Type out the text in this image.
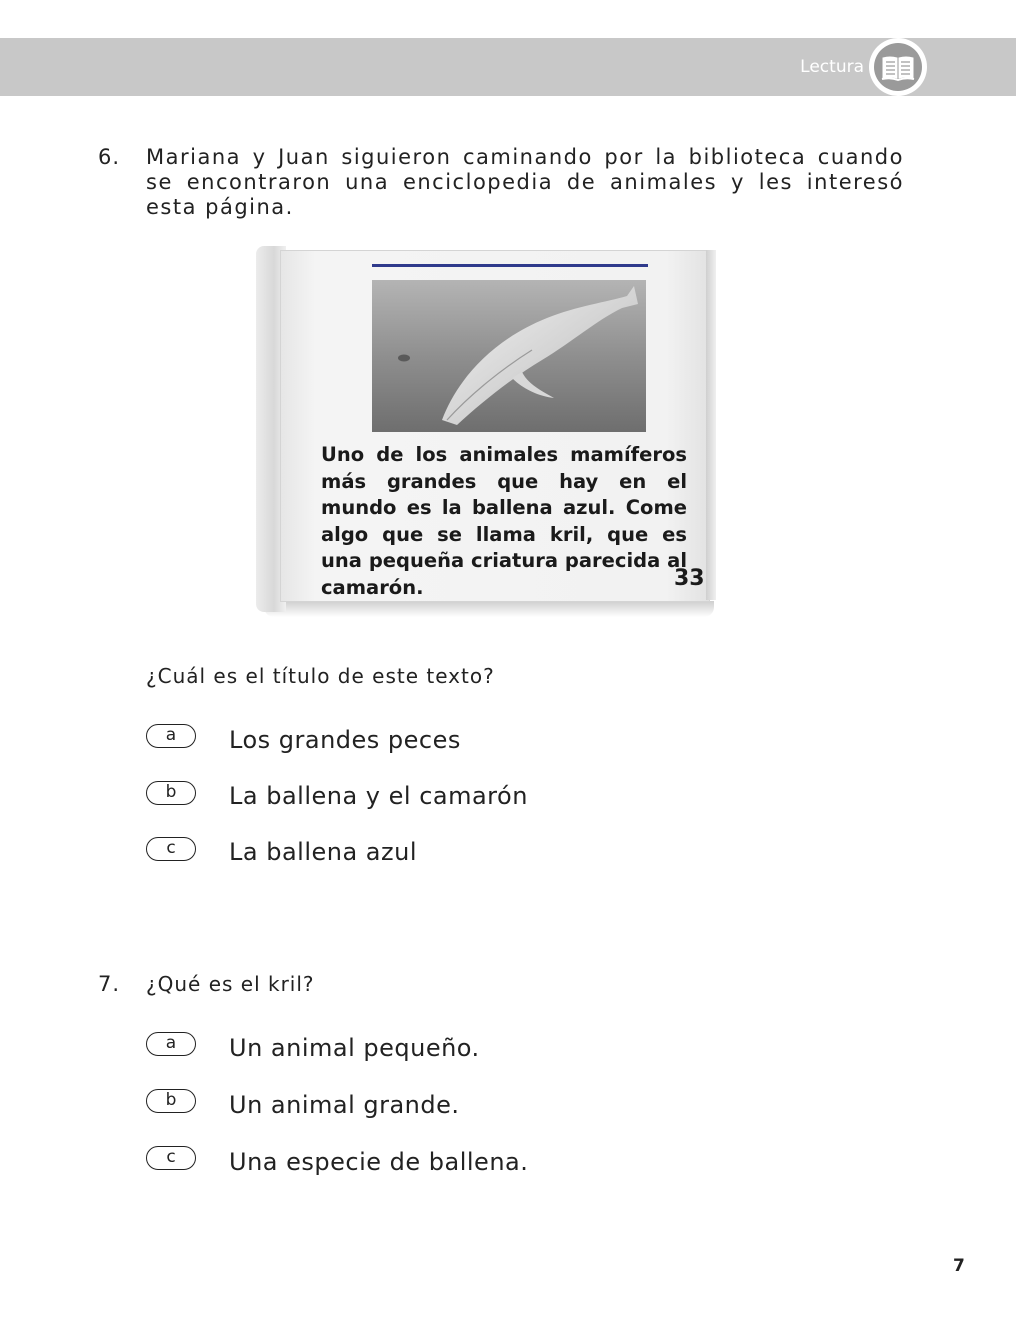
Lectura
6. Mariana y Juan siguieron caminando por la biblioteca cuando se encontraron una enciclopedia de animales y les interesó esta página.
Uno de los animales mamíferos más grandes que hay en el mundo es la ballena azul. Come algo que se llama kril, que es una pequeña criatura parecida al camarón.	33
¿Cuál es el título de este texto?
a	Los grandes peces
b	La ballena y el camarón
c	La ballena azul
7. ¿Qué es el kril?
a	Un animal pequeño.
b	Un animal grande.
c	Una especie de ballena.
7
